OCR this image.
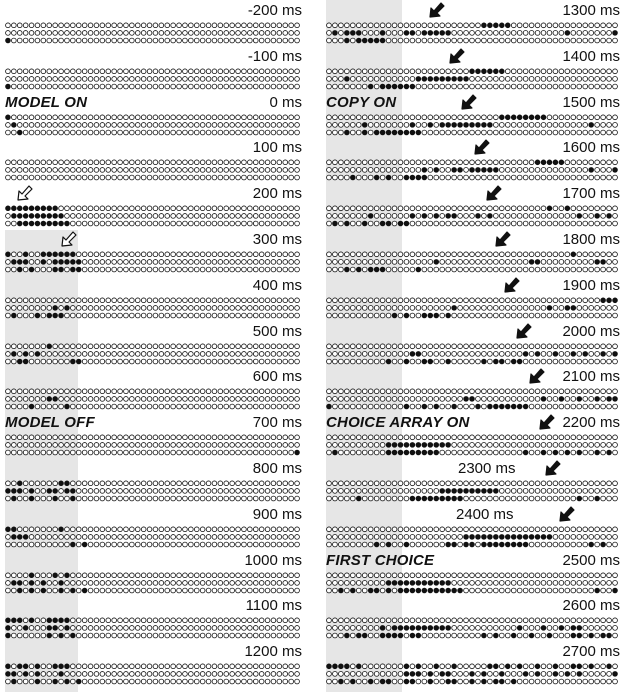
-200 ms
-100 ms
0 ms
MODEL ON
100 ms
200 ms
300 ms
400 ms
500 ms
600 ms
700 ms
MODEL OFF
800 ms
900 ms
1000 ms
1100 ms
1200 ms
1300 ms
1400 ms
1500 ms
COPY ON
1600 ms
1700 ms
1800 ms
1900 ms
2000 ms
2100 ms
2200 ms
CHOICE ARRAY ON
2300 ms
2400 ms
2500 ms
FIRST CHOICE
2600 ms
2700 ms
